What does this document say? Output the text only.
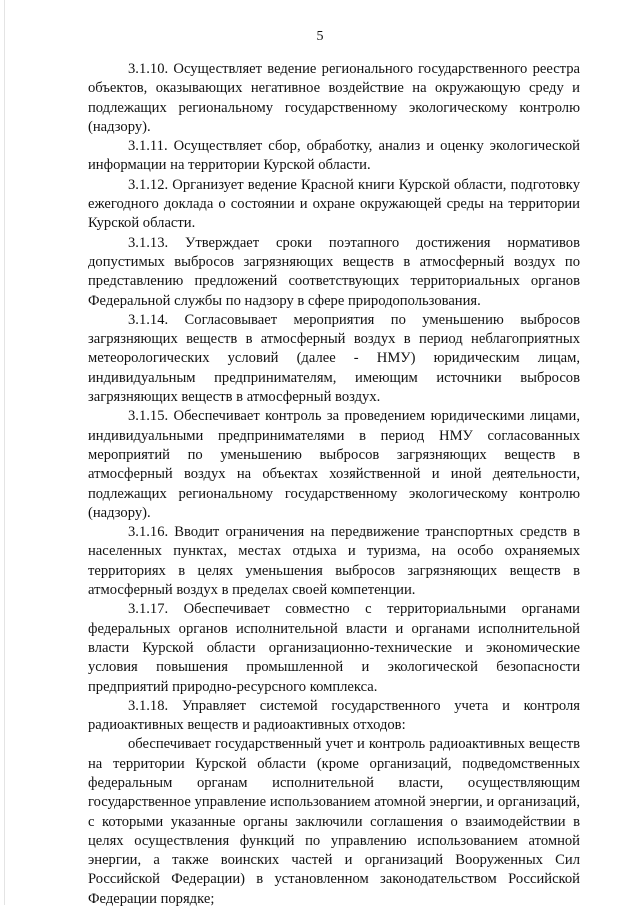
5

3.1.10. Осуществляет ведение регионального государственного реестра объектов, оказывающих негативное воздействие на окружающую среду и подлежащих региональному государственному экологическому контролю (надзору).

3.1.11. Осуществляет сбор, обработку, анализ и оценку экологической информации на территории Курской области.

3.1.12. Организует ведение Красной книги Курской области, подготовку ежегодного доклада о состоянии и охране окружающей среды на территории Курской области.

3.1.13. Утверждает сроки поэтапного достижения нормативов допустимых выбросов загрязняющих веществ в атмосферный воздух по представлению предложений соответствующих территориальных органов Федеральной службы по надзору в сфере природопользования.

3.1.14. Согласовывает мероприятия по уменьшению выбросов загрязняющих веществ в атмосферный воздух в период неблагоприятных метеорологических условий (далее - НМУ) юридическим лицам, индивидуальным предпринимателям, имеющим источники выбросов загрязняющих веществ в атмосферный воздух.

3.1.15. Обеспечивает контроль за проведением юридическими лицами, индивидуальными предпринимателями в период НМУ согласованных мероприятий по уменьшению выбросов загрязняющих веществ в атмосферный воздух на объектах хозяйственной и иной деятельности, подлежащих региональному государственному экологическому контролю (надзору).

3.1.16. Вводит ограничения на передвижение транспортных средств в населенных пунктах, местах отдыха и туризма, на особо охраняемых территориях в целях уменьшения выбросов загрязняющих веществ в атмосферный воздух в пределах своей компетенции.

3.1.17. Обеспечивает совместно с территориальными органами федеральных органов исполнительной власти и органами исполнительной власти Курской области организационно-технические и экономические условия повышения промышленной и экологической безопасности предприятий природно-ресурсного комплекса.

3.1.18. Управляет системой государственного учета и контроля радиоактивных веществ и радиоактивных отходов:

обеспечивает государственный учет и контроль радиоактивных веществ на территории Курской области (кроме организаций, подведомственных федеральным органам исполнительной власти, осуществляющим государственное управление использованием атомной энергии, и организаций, с которыми указанные органы заключили соглашения о взаимодействии в целях осуществления функций по управлению использованием атомной энергии, а также воинских частей и организаций Вооруженных Сил Российской Федерации) в установленном законодательством Российской Федерации порядке;
